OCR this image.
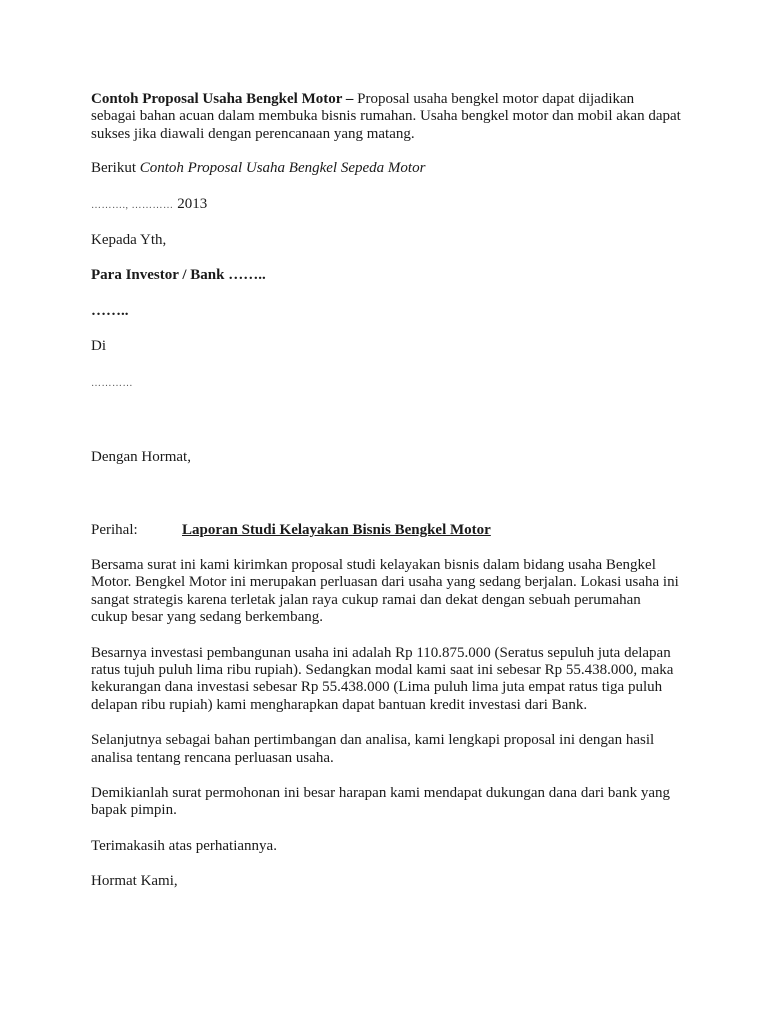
Contoh Proposal Usaha Bengkel Motor – Proposal usaha bengkel motor dapat dijadikan sebagai bahan acuan dalam membuka bisnis rumahan. Usaha bengkel motor dan mobil akan dapat sukses jika diawali dengan perencanaan yang matang.

Berikut Contoh Proposal Usaha Bengkel Sepeda Motor

………., ………… 2013

Kepada Yth,

Para Investor / Bank ……..

……..

Di

…………

Dengan Hormat,

Perihal:	Laporan Studi Kelayakan Bisnis Bengkel Motor

Bersama surat ini kami kirimkan proposal studi kelayakan bisnis dalam bidang usaha Bengkel Motor. Bengkel Motor ini merupakan perluasan dari usaha yang sedang berjalan. Lokasi usaha ini sangat strategis karena terletak jalan raya cukup ramai dan dekat dengan sebuah perumahan cukup besar yang sedang berkembang.

Besarnya investasi pembangunan usaha ini adalah Rp 110.875.000 (Seratus sepuluh juta delapan ratus tujuh puluh lima ribu rupiah). Sedangkan modal kami saat ini sebesar Rp 55.438.000, maka kekurangan dana investasi sebesar Rp 55.438.000 (Lima puluh lima juta empat ratus tiga puluh delapan ribu rupiah) kami mengharapkan dapat bantuan kredit investasi dari Bank.

Selanjutnya sebagai bahan pertimbangan dan analisa, kami lengkapi proposal ini dengan hasil analisa tentang rencana perluasan usaha.

Demikianlah surat permohonan ini besar harapan kami mendapat dukungan dana dari bank yang bapak pimpin.

Terimakasih atas perhatiannya.

Hormat Kami,
